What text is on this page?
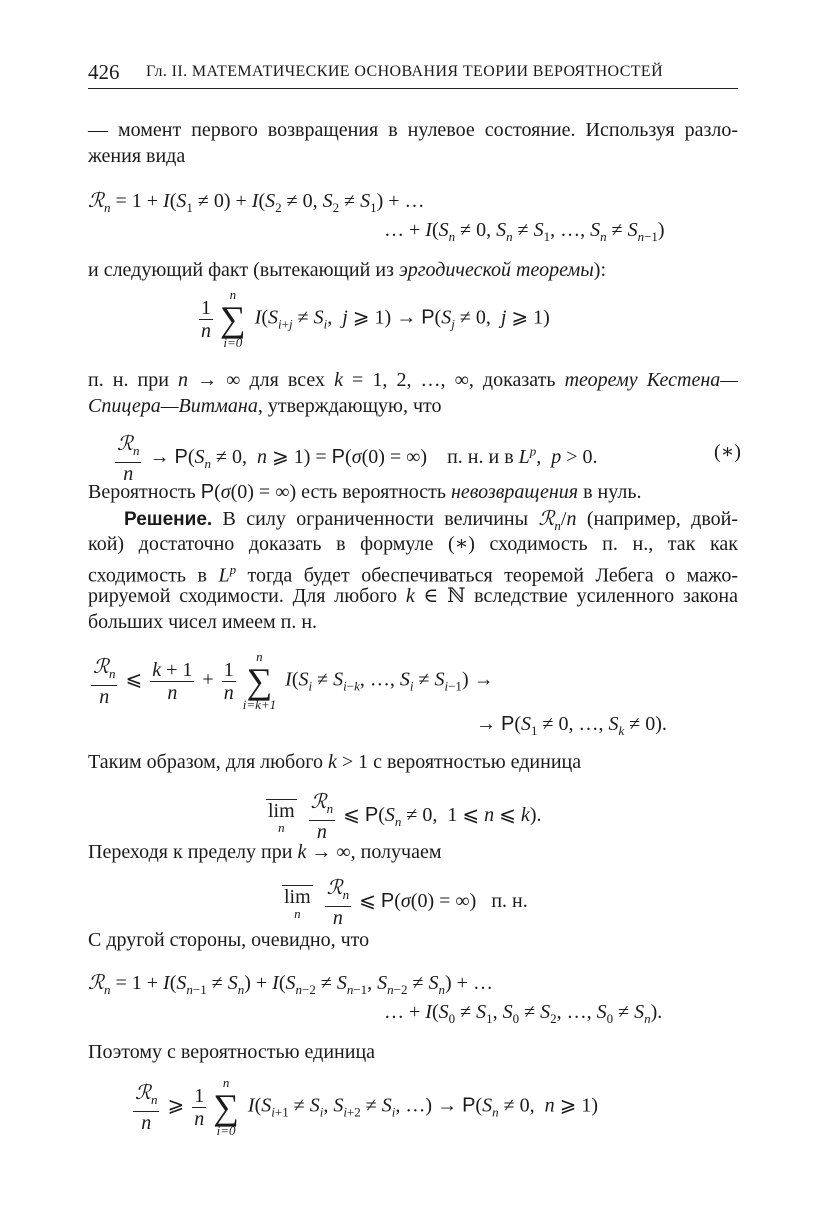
426 Гл. II. МАТЕМАТИЧЕСКИЕ ОСНОВАНИЯ ТЕОРИИ ВЕРОЯТНОСТЕЙ
— момент первого возвращения в нулевое состояние. Используя разло-
жения вида
ℛ$_n$ = $1 + I(S_1 \ne 0) + I(S_2 \ne 0$, $S_2 \ne S_1$) + …
… + $I(S_n \ne 0$, $S_n \ne S_1$, …, $S_n \ne S_{n-1}$)
и следующий факт (вытекающий из эргодической теоремы):
$\frac{1}{n}$
n
∑
i=0
$I(S_{i+j} \ne S_i$,  j ⩾ $1) \to P(S_j \ne 0$,  j ⩾ 1)
п. н. при n → ∞ для всех k = 1, 2, …, ∞, доказать теорему Кестена—
Спицера—Витмана, утверждающую, что
$\frac{ℛ_n}{n} \to P(S_n \ne 0$,  n ⩾ 1) = P(σ(0) = ∞)    п. н. и в $L^p$,  p > 0.	(∗)
Вероятность P(σ(0) = ∞) есть вероятность невозвращения в нуль.
Решение. В силу ограниченности величины ℛ$_n$/n (например, двой-
кой) достаточно доказать в формуле (∗) сходимость п. н., так как
сходимость в $L^p$ тогда будет обеспечиваться теоремой Лебега о мажо-
рируемой сходимости. Для любого k ∈ ℕ вследствие усиленного закона
больших чисел имеем п. н.
$\frac{ℛ_n}{n}$ ⩽ $\frac{k + 1}{n} + \frac{1}{n}$
n
∑
i=k+1
$I(S_i \ne S_{i-k}$, …, $S_i \ne S_{i-1}$) →
→ $P(S_1 \ne 0$, …, $S_k \ne 0$).
Таким образом, для любого k > 1 с вероятностью единица
lim
n
	$\frac{ℛ_n}{n}$ ⩽ $P(S_n \ne 0$,  1 ⩽ n ⩽ k).
Переходя к пределу при k → ∞, получаем
lim
n
	$\frac{ℛ_n}{n}$ ⩽ P(σ(0) = ∞)   п. н.
С другой стороны, очевидно, что
ℛ$_n$ = $1 + I(S_{n-1} \ne S_n) + I(S_{n-2} \ne S_{n-1}$, $S_{n-2} \ne S_n$) + …
… + $I(S_0 \ne S_1$, $S_0 \ne S_2$, …, $S_0 \ne S_n$).
Поэтому с вероятностью единица
$\frac{ℛ_n}{n}$ ⩾ $\frac{1}{n}$
n
∑
i=0
$I(S_{i+1} \ne S_i$, $S_{i+2} \ne S_i$, …) → $P(S_n \ne 0$,  n ⩾ 1)
